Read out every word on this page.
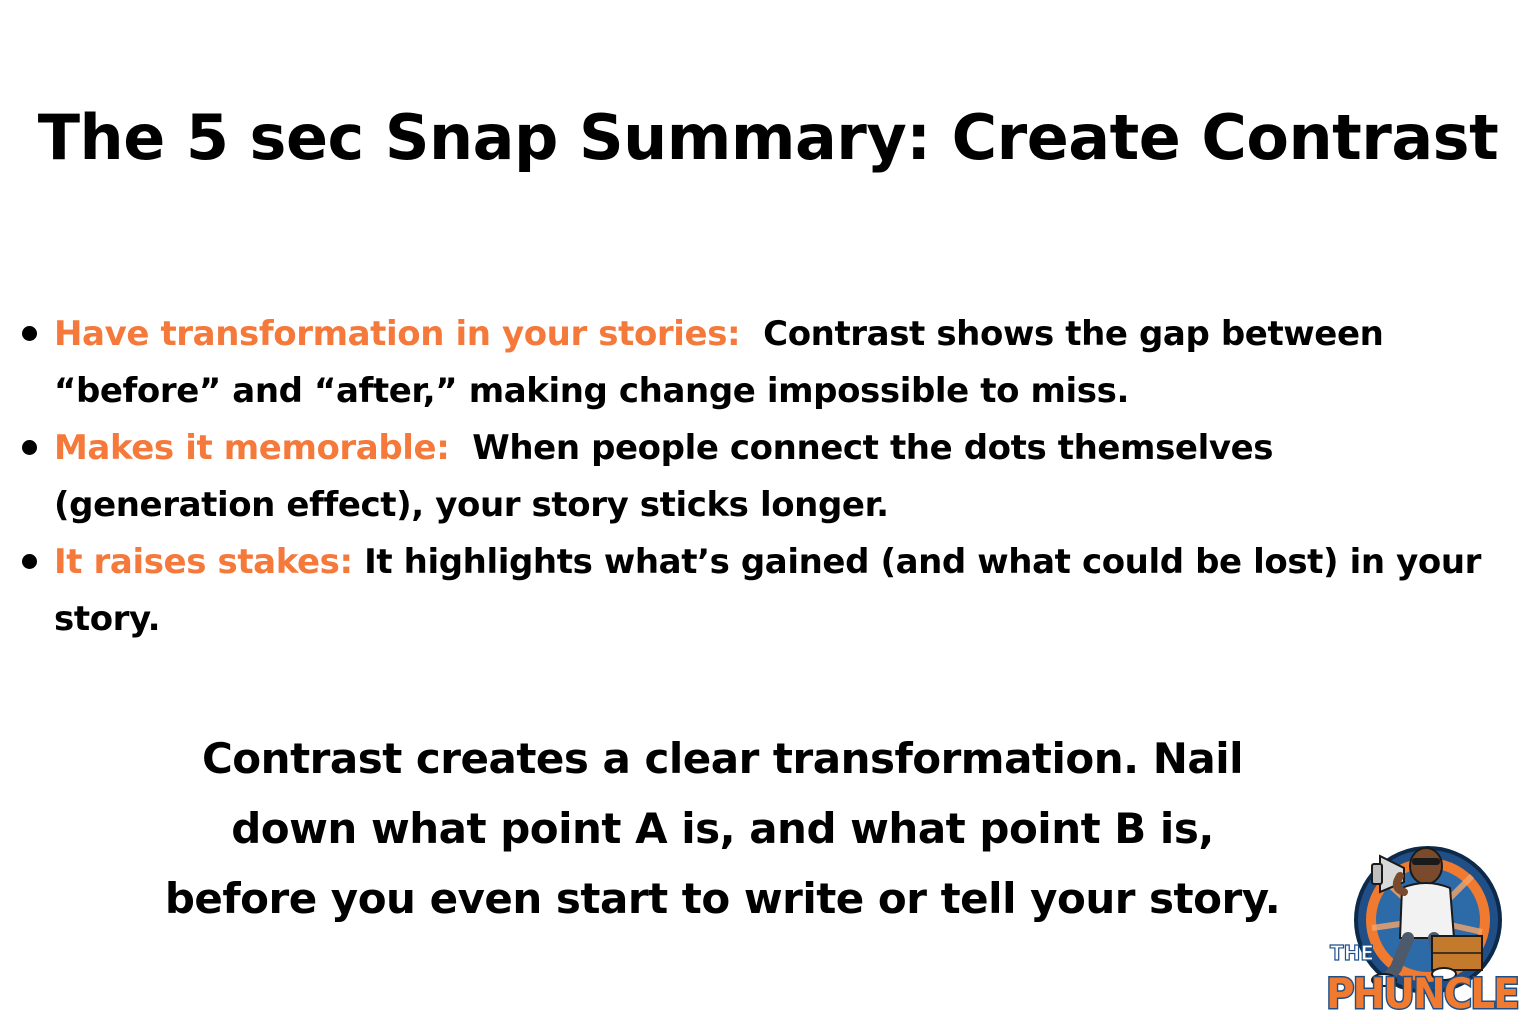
The 5 sec Snap Summary: Create Contrast
Have transformation in your stories: Contrast shows the gap between “before” and “after,” making change impossible to miss.
Makes it memorable: When people connect the dots themselves (generation effect), your story sticks longer.
It raises stakes: It highlights what’s gained (and what could be lost) in your story.

Contrast creates a clear transformation. Nail
down what point A is, and what point B is,
before you even start to write or tell your story.

THE
PHUNCLE
